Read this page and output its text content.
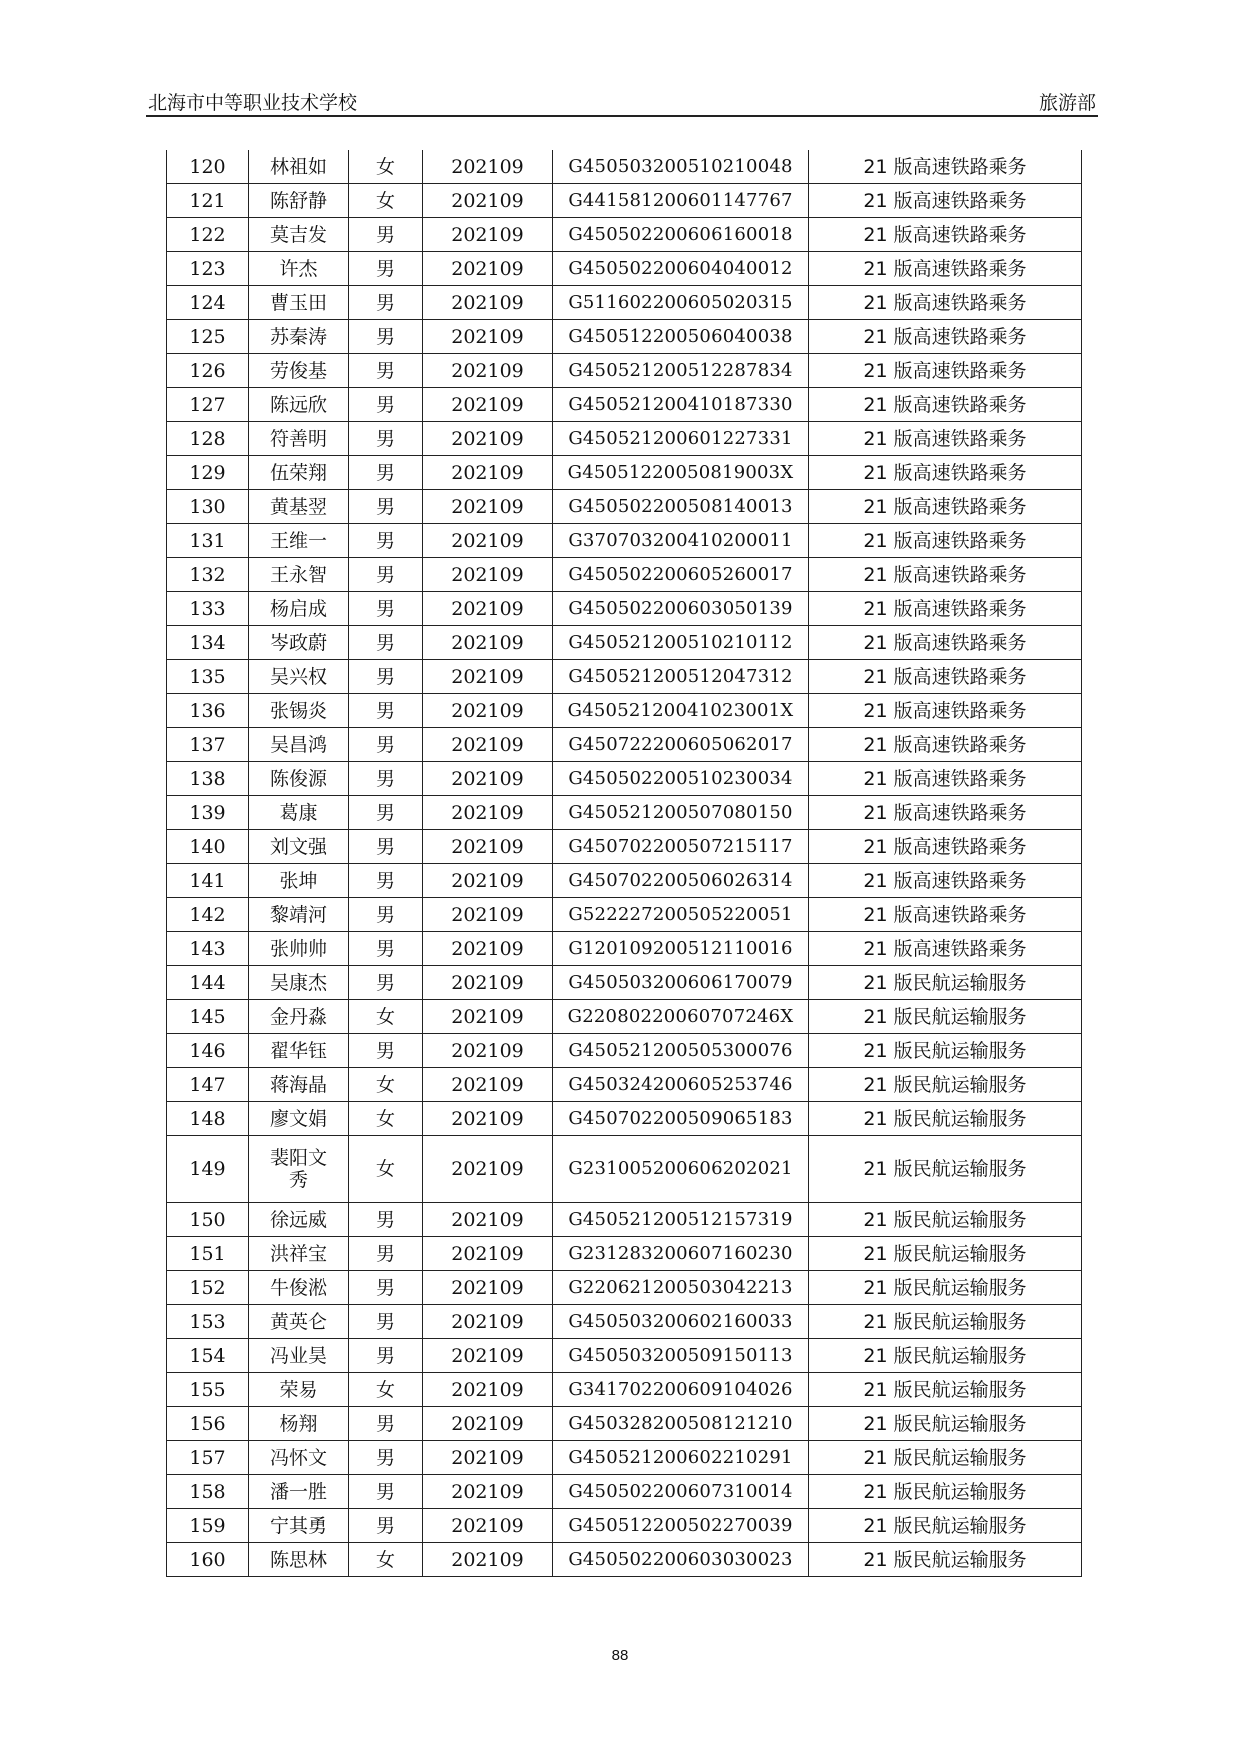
北海市中等职业技术学校	旅游部
120	林祖如	女	202109	G450503200510210048	21 版高速铁路乘务
121	陈舒静	女	202109	G441581200601147767	21 版高速铁路乘务
122	莫吉发	男	202109	G450502200606160018	21 版高速铁路乘务
123	许杰	男	202109	G450502200604040012	21 版高速铁路乘务
124	曹玉田	男	202109	G511602200605020315	21 版高速铁路乘务
125	苏秦涛	男	202109	G450512200506040038	21 版高速铁路乘务
126	劳俊基	男	202109	G450521200512287834	21 版高速铁路乘务
127	陈远欣	男	202109	G450521200410187330	21 版高速铁路乘务
128	符善明	男	202109	G450521200601227331	21 版高速铁路乘务
129	伍荣翔	男	202109	G45051220050819003X	21 版高速铁路乘务
130	黄基翌	男	202109	G450502200508140013	21 版高速铁路乘务
131	王维一	男	202109	G370703200410200011	21 版高速铁路乘务
132	王永智	男	202109	G450502200605260017	21 版高速铁路乘务
133	杨启成	男	202109	G450502200603050139	21 版高速铁路乘务
134	岑政蔚	男	202109	G450521200510210112	21 版高速铁路乘务
135	吴兴权	男	202109	G450521200512047312	21 版高速铁路乘务
136	张锡炎	男	202109	G45052120041023001X	21 版高速铁路乘务
137	吴昌鸿	男	202109	G450722200605062017	21 版高速铁路乘务
138	陈俊源	男	202109	G450502200510230034	21 版高速铁路乘务
139	葛康	男	202109	G450521200507080150	21 版高速铁路乘务
140	刘文强	男	202109	G450702200507215117	21 版高速铁路乘务
141	张坤	男	202109	G450702200506026314	21 版高速铁路乘务
142	黎靖河	男	202109	G522227200505220051	21 版高速铁路乘务
143	张帅帅	男	202109	G120109200512110016	21 版高速铁路乘务
144	吴康杰	男	202109	G450503200606170079	21 版民航运输服务
145	金丹淼	女	202109	G22080220060707246X	21 版民航运输服务
146	翟华钰	男	202109	G450521200505300076	21 版民航运输服务
147	蒋海晶	女	202109	G450324200605253746	21 版民航运输服务
148	廖文娟	女	202109	G450702200509065183	21 版民航运输服务
149	裴阳文
秀	女	202109	G231005200606202021	21 版民航运输服务
150	徐远威	男	202109	G450521200512157319	21 版民航运输服务
151	洪祥宝	男	202109	G231283200607160230	21 版民航运输服务
152	牛俊淞	男	202109	G220621200503042213	21 版民航运输服务
153	黄英仑	男	202109	G450503200602160033	21 版民航运输服务
154	冯业昊	男	202109	G450503200509150113	21 版民航运输服务
155	荣易	女	202109	G341702200609104026	21 版民航运输服务
156	杨翔	男	202109	G450328200508121210	21 版民航运输服务
157	冯怀文	男	202109	G450521200602210291	21 版民航运输服务
158	潘一胜	男	202109	G450502200607310014	21 版民航运输服务
159	宁其勇	男	202109	G450512200502270039	21 版民航运输服务
160	陈思林	女	202109	G450502200603030023	21 版民航运输服务
88
